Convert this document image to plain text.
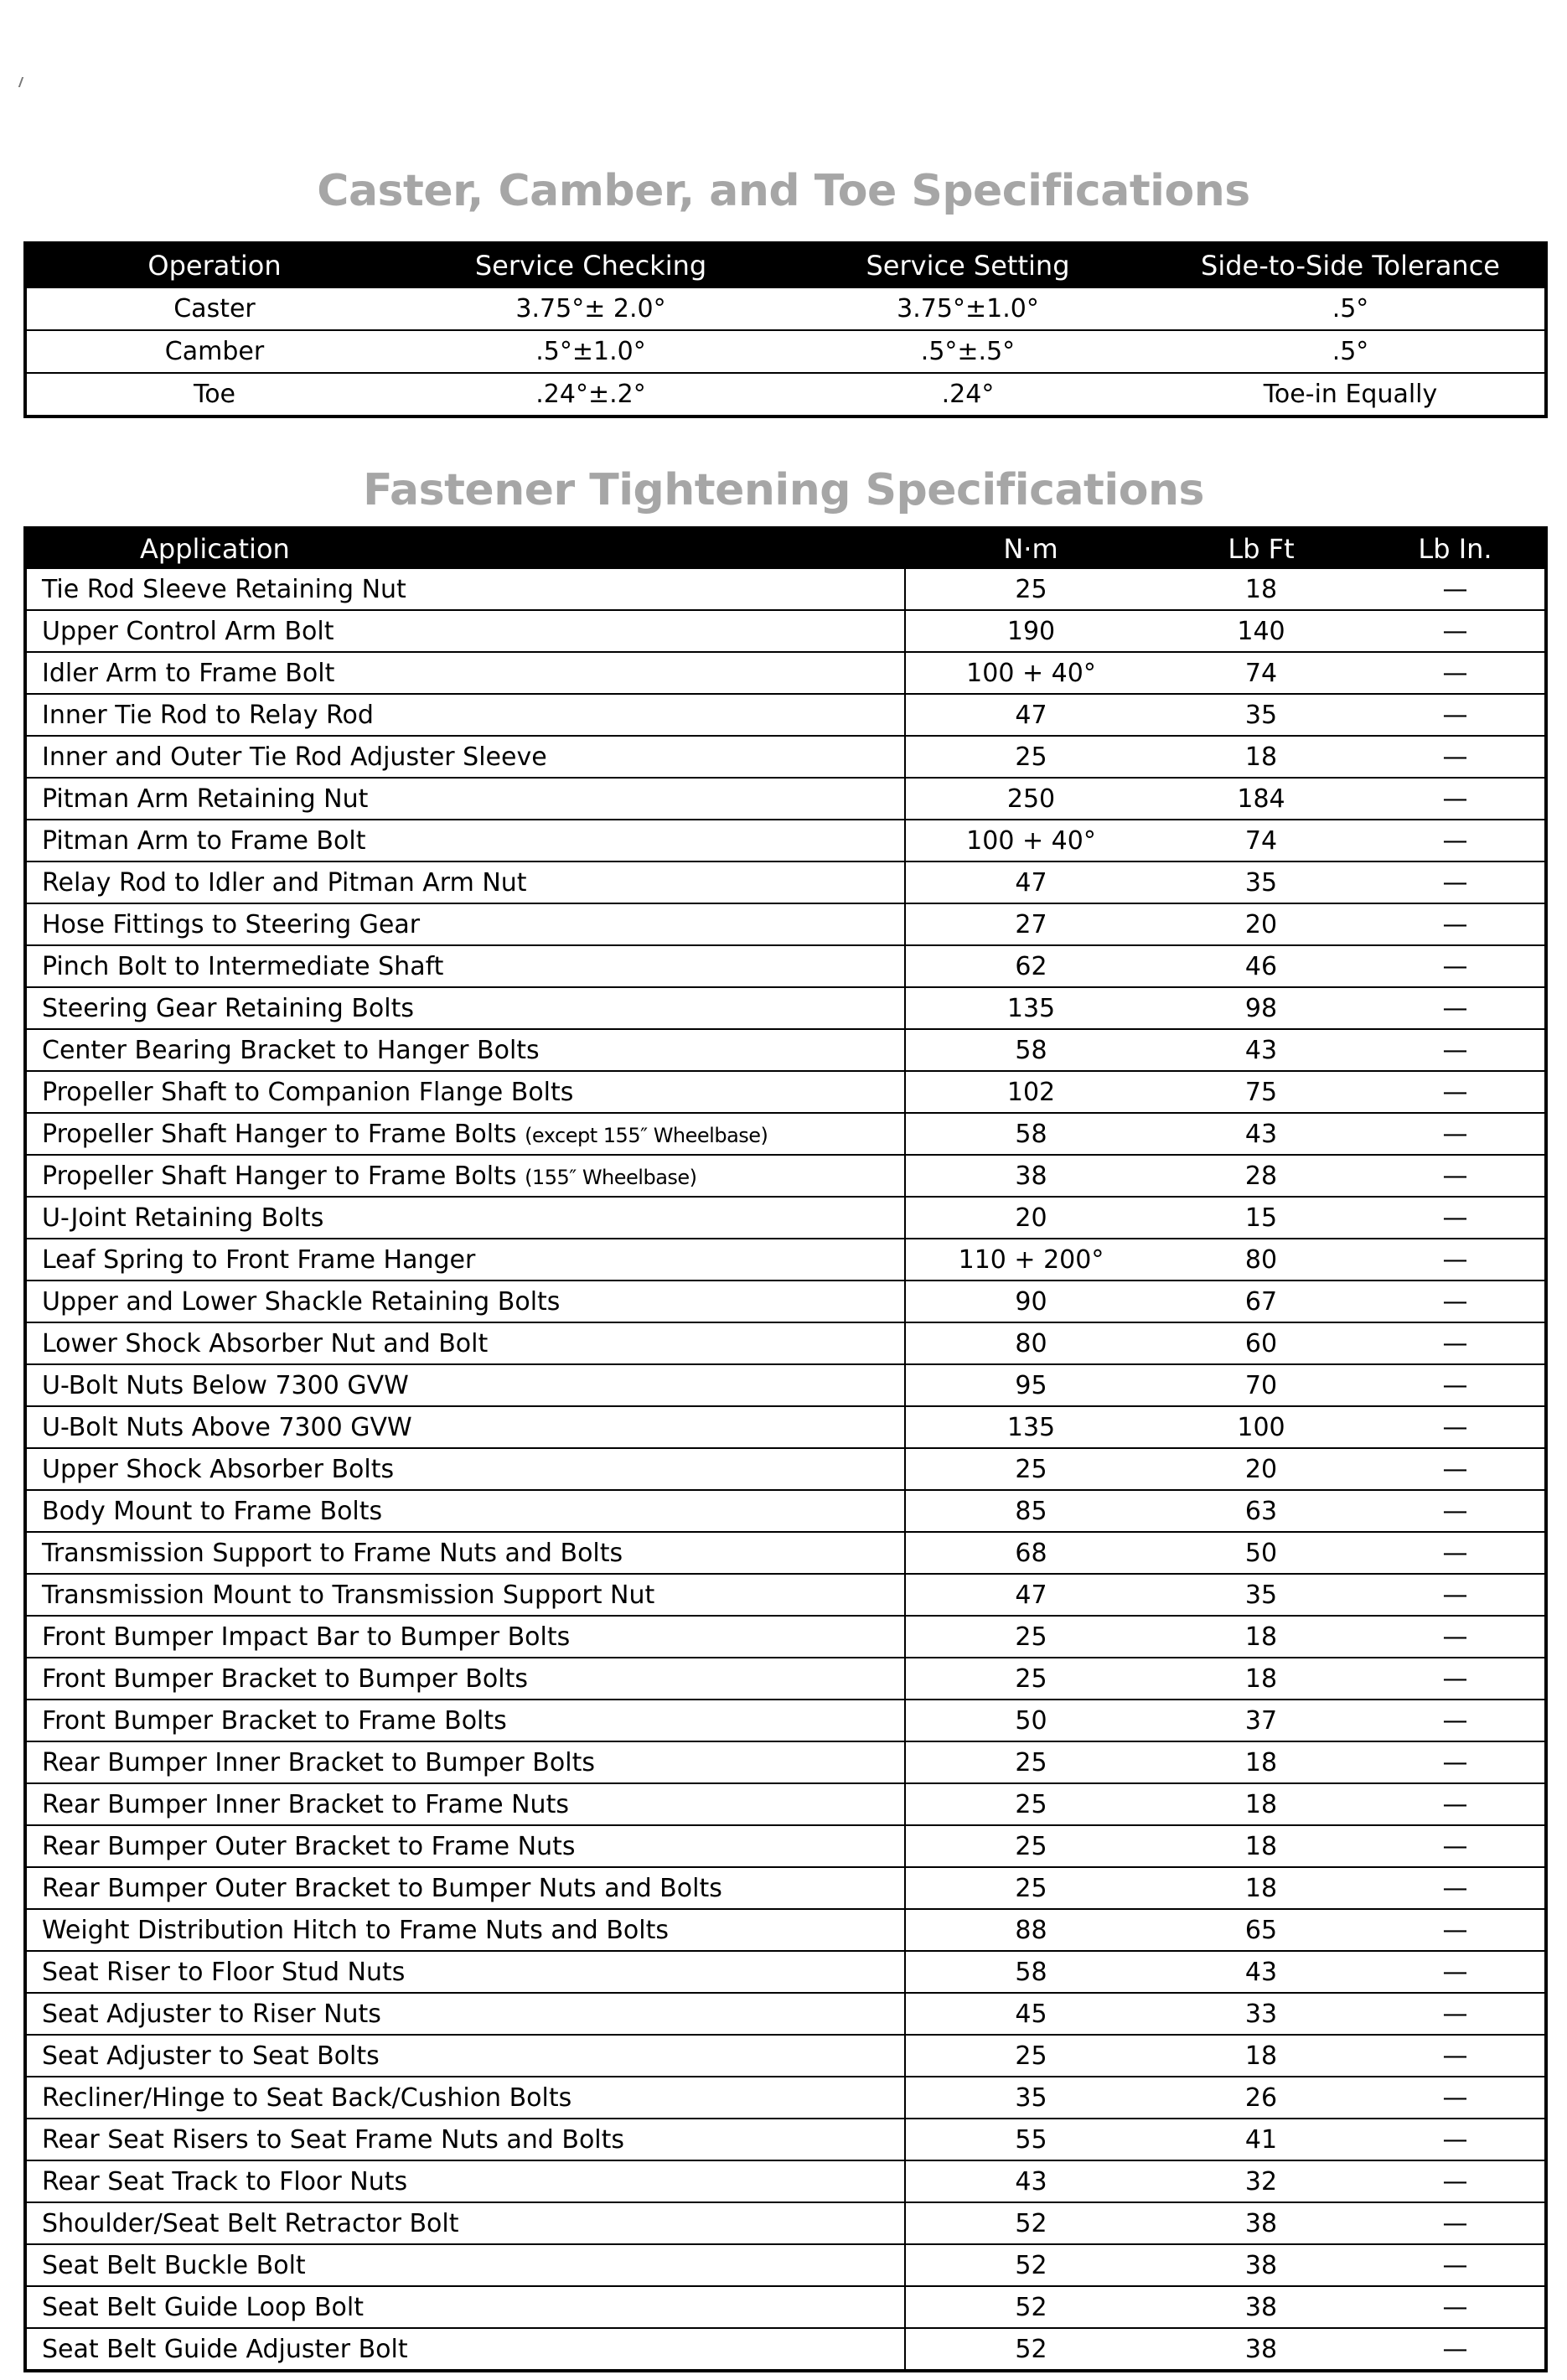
Caster, Camber, and Toe Specifications
Operation	Service Checking	Service Setting	Side-to-Side Tolerance
Caster	3.75°± 2.0°	3.75°±1.0°	.5°
Camber	.5°±1.0°	.5°±.5°	.5°
Toe	.24°±.2°	.24°	Toe-in Equally
Fastener Tightening Specifications
Application	N·m	Lb Ft	Lb In.
Tie Rod Sleeve Retaining Nut	25	18	—
Upper Control Arm Bolt	190	140	—
Idler Arm to Frame Bolt	100 + 40°	74	—
Inner Tie Rod to Relay Rod	47	35	—
Inner and Outer Tie Rod Adjuster Sleeve	25	18	—
Pitman Arm Retaining Nut	250	184	—
Pitman Arm to Frame Bolt	100 + 40°	74	—
Relay Rod to Idler and Pitman Arm Nut	47	35	—
Hose Fittings to Steering Gear	27	20	—
Pinch Bolt to Intermediate Shaft	62	46	—
Steering Gear Retaining Bolts	135	98	—
Center Bearing Bracket to Hanger Bolts	58	43	—
Propeller Shaft to Companion Flange Bolts	102	75	—
Propeller Shaft Hanger to Frame Bolts (except 155″ Wheelbase)	58	43	—
Propeller Shaft Hanger to Frame Bolts (155″ Wheelbase)	38	28	—
U-Joint Retaining Bolts	20	15	—
Leaf Spring to Front Frame Hanger	110 + 200°	80	—
Upper and Lower Shackle Retaining Bolts	90	67	—
Lower Shock Absorber Nut and Bolt	80	60	—
U-Bolt Nuts Below 7300 GVW	95	70	—
U-Bolt Nuts Above 7300 GVW	135	100	—
Upper Shock Absorber Bolts	25	20	—
Body Mount to Frame Bolts	85	63	—
Transmission Support to Frame Nuts and Bolts	68	50	—
Transmission Mount to Transmission Support Nut	47	35	—
Front Bumper Impact Bar to Bumper Bolts	25	18	—
Front Bumper Bracket to Bumper Bolts	25	18	—
Front Bumper Bracket to Frame Bolts	50	37	—
Rear Bumper Inner Bracket to Bumper Bolts	25	18	—
Rear Bumper Inner Bracket to Frame Nuts	25	18	—
Rear Bumper Outer Bracket to Frame Nuts	25	18	—
Rear Bumper Outer Bracket to Bumper Nuts and Bolts	25	18	—
Weight Distribution Hitch to Frame Nuts and Bolts	88	65	—
Seat Riser to Floor Stud Nuts	58	43	—
Seat Adjuster to Riser Nuts	45	33	—
Seat Adjuster to Seat Bolts	25	18	—
Recliner/Hinge to Seat Back/Cushion Bolts	35	26	—
Rear Seat Risers to Seat Frame Nuts and Bolts	55	41	—
Rear Seat Track to Floor Nuts	43	32	—
Shoulder/Seat Belt Retractor Bolt	52	38	—
Seat Belt Buckle Bolt	52	38	—
Seat Belt Guide Loop Bolt	52	38	—
Seat Belt Guide Adjuster Bolt	52	38	—
